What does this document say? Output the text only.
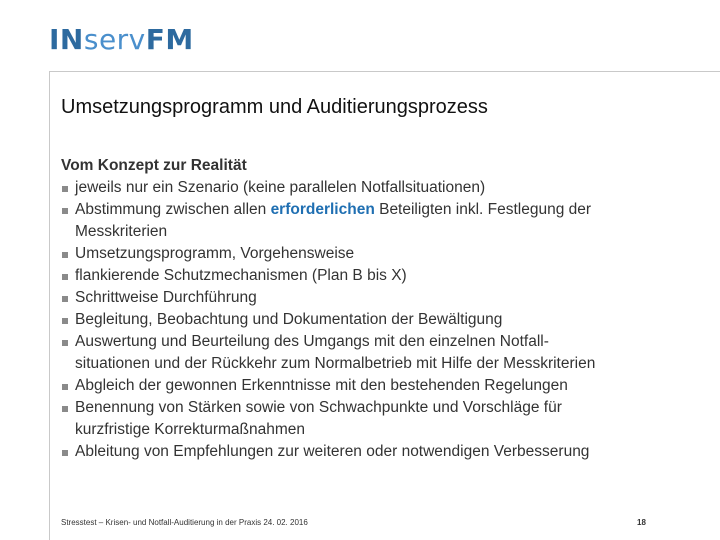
INservFM
Umsetzungsprogramm und Auditierungsprozess
Vom Konzept zur Realität
jeweils nur ein Szenario (keine parallelen Notfallsituationen)
Abstimmung zwischen allen erforderlichen Beteiligten inkl. Festlegung der
Messkriterien
Umsetzungsprogramm, Vorgehensweise
flankierende Schutzmechanismen (Plan B bis X)
Schrittweise Durchführung
Begleitung, Beobachtung und Dokumentation der Bewältigung
Auswertung und Beurteilung des Umgangs mit den einzelnen Notfall-
situationen und der Rückkehr zum Normalbetrieb mit Hilfe der Messkriterien
Abgleich der gewonnen Erkenntnisse mit den bestehenden Regelungen
Benennung von Stärken sowie von Schwachpunkte und Vorschläge für
kurzfristige Korrekturmaßnahmen
Ableitung von Empfehlungen zur weiteren oder notwendigen Verbesserung
Stresstest – Krisen- und Notfall-Auditierung in der Praxis 24. 02. 2016	18
